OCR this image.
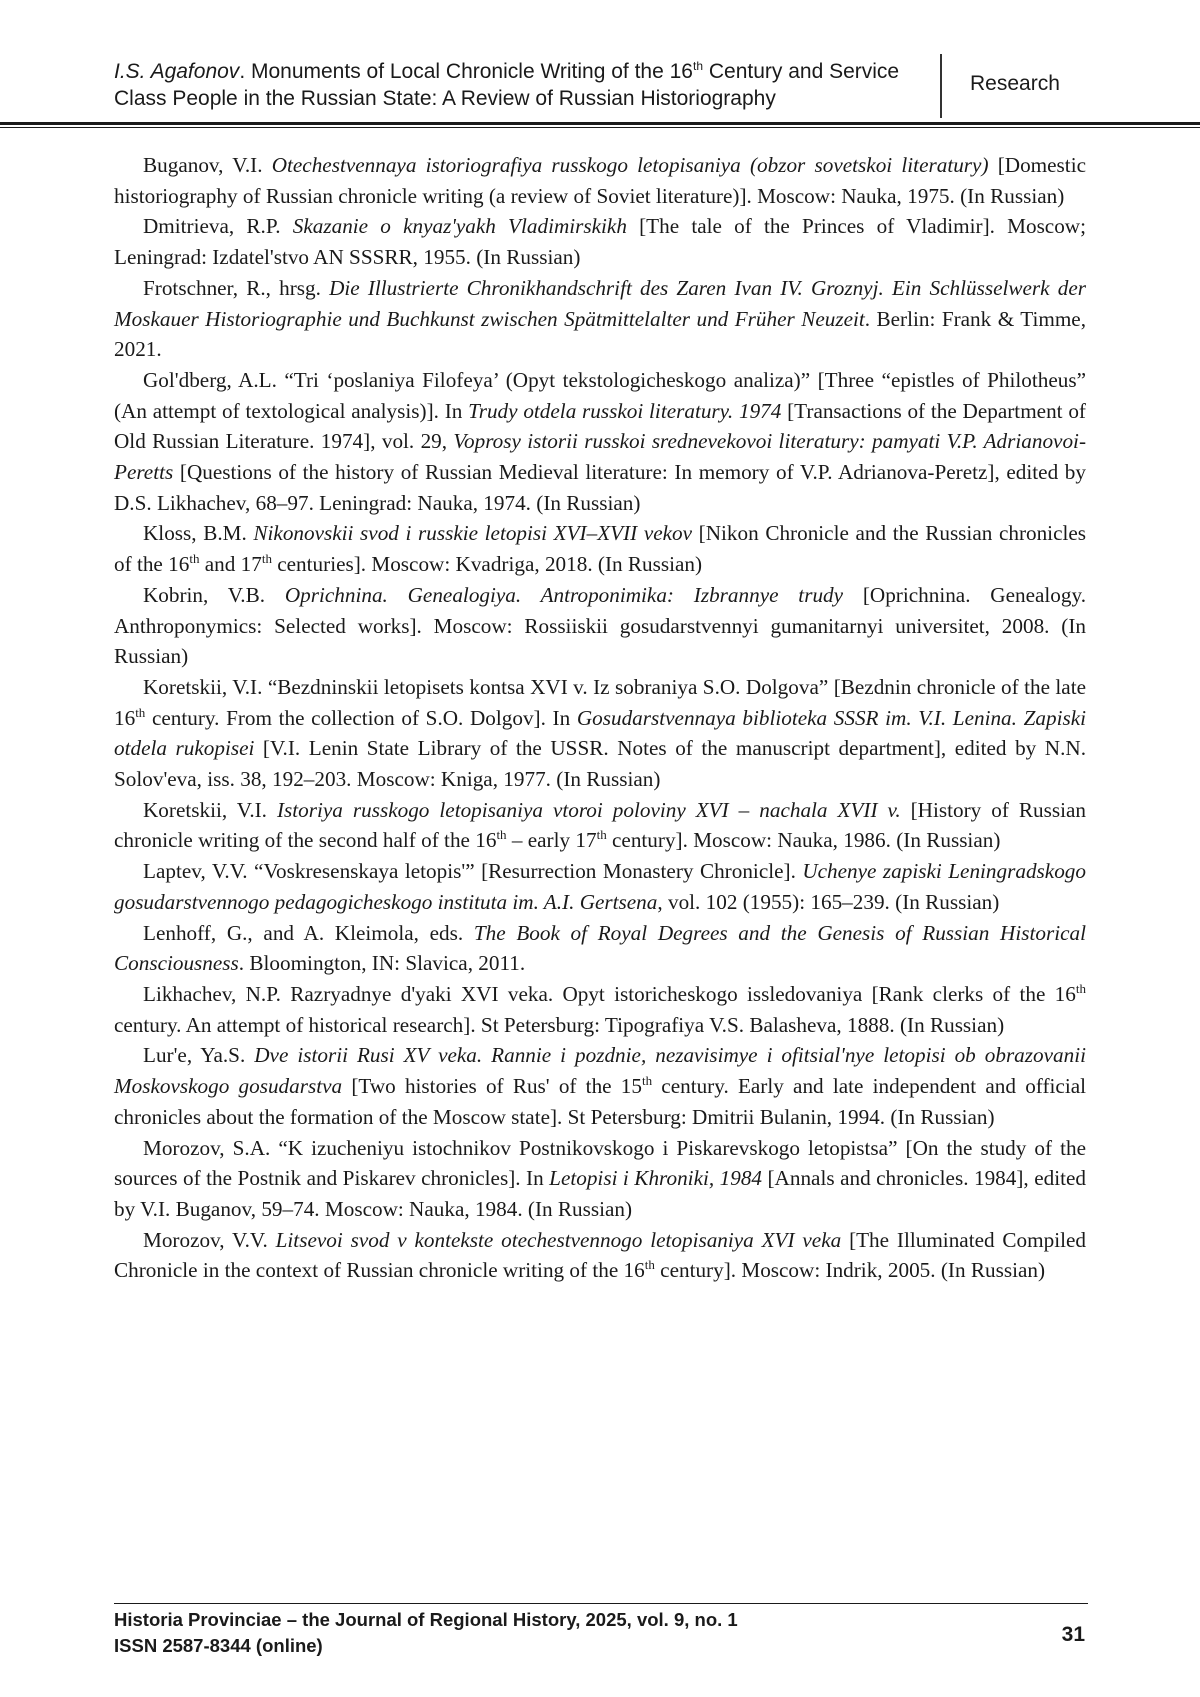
I.S. Agafonov. Monuments of Local Chronicle Writing of the 16th Century and Service Class People in the Russian State: A Review of Russian Historiography
Research

Buganov, V.I. Otechestvennaya istoriografiya russkogo letopisaniya (obzor sovetskoi literatury) [Domestic historiography of Russian chronicle writing (a review of Soviet literature)]. Moscow: Nauka, 1975. (In Russian)

Dmitrieva, R.P. Skazanie o knyaz'yakh Vladimirskikh [The tale of the Princes of Vladimir]. Moscow; Leningrad: Izdatel'stvo AN SSSRR, 1955. (In Russian)

Frotschner, R., hrsg. Die Illustrierte Chronikhandschrift des Zaren Ivan IV. Groznyj. Ein Schlüsselwerk der Moskauer Historiographie und Buchkunst zwischen Spätmittelalter und Früher Neuzeit. Berlin: Frank & Timme, 2021.

Gol'dberg, A.L. “Tri ‘poslaniya Filofeya’ (Opyt tekstologicheskogo analiza)” [Three “epistles of Philotheus” (An attempt of textological analysis)]. In Trudy otdela russkoi literatury. 1974 [Transactions of the Department of Old Russian Literature. 1974], vol. 29, Voprosy istorii russkoi srednevekovoi literatury: pamyati V.P. Adrianovoi-Peretts [Questions of the history of Russian Medieval literature: In memory of V.P. Adrianova-Peretz], edited by D.S. Likhachev, 68–97. Leningrad: Nauka, 1974. (In Russian)

Kloss, B.M. Nikonovskii svod i russkie letopisi XVI–XVII vekov [Nikon Chronicle and the Russian chronicles of the 16th and 17th centuries]. Moscow: Kvadriga, 2018. (In Russian)

Kobrin, V.B. Oprichnina. Genealogiya. Antroponimika: Izbrannye trudy [Oprichnina. Genealogy. Anthroponymics: Selected works]. Moscow: Rossiiskii gosudarstvennyi gumanitarnyi universitet, 2008. (In Russian)

Koretskii, V.I. “Bezdninskii letopisets kontsa XVI v. Iz sobraniya S.O. Dolgova” [Bezdnin chronicle of the late 16th century. From the collection of S.O. Dolgov]. In Gosudarstvennaya biblioteka SSSR im. V.I. Lenina. Zapiski otdela rukopisei [V.I. Lenin State Library of the USSR. Notes of the manuscript department], edited by N.N. Solov'eva, iss. 38, 192–203. Moscow: Kniga, 1977. (In Russian)

Koretskii, V.I. Istoriya russkogo letopisaniya vtoroi poloviny XVI – nachala XVII v. [History of Russian chronicle writing of the second half of the 16th – early 17th century]. Moscow: Nauka, 1986. (In Russian)

Laptev, V.V. “Voskresenskaya letopis'” [Resurrection Monastery Chronicle]. Uchenye zapiski Leningradskogo gosudarstvennogo pedagogicheskogo instituta im. A.I. Gertsena, vol. 102 (1955): 165–239. (In Russian)

Lenhoff, G., and A. Kleimola, eds. The Book of Royal Degrees and the Genesis of Russian Historical Consciousness. Bloomington, IN: Slavica, 2011.

Likhachev, N.P. Razryadnye d'yaki XVI veka. Opyt istoricheskogo issledovaniya [Rank clerks of the 16th century. An attempt of historical research]. St Petersburg: Tipografiya V.S. Balasheva, 1888. (In Russian)

Lur'e, Ya.S. Dve istorii Rusi XV veka. Rannie i pozdnie, nezavisimye i ofitsial'nye letopisi ob obrazovanii Moskovskogo gosudarstva [Two histories of Rus' of the 15th century. Early and late independent and official chronicles about the formation of the Moscow state]. St Petersburg: Dmitrii Bulanin, 1994. (In Russian)

Morozov, S.A. “K izucheniyu istochnikov Postnikovskogo i Piskarevskogo letopistsa” [On the study of the sources of the Postnik and Piskarev chronicles]. In Letopisi i Khroniki, 1984 [Annals and chronicles. 1984], edited by V.I. Buganov, 59–74. Moscow: Nauka, 1984. (In Russian)

Morozov, V.V. Litsevoi svod v kontekste otechestvennogo letopisaniya XVI veka [The Illuminated Compiled Chronicle in the context of Russian chronicle writing of the 16th century]. Moscow: Indrik, 2005. (In Russian)

Historia Provinciae – the Journal of Regional History, 2025, vol. 9, no. 1
ISSN 2587-8344 (online)	31
